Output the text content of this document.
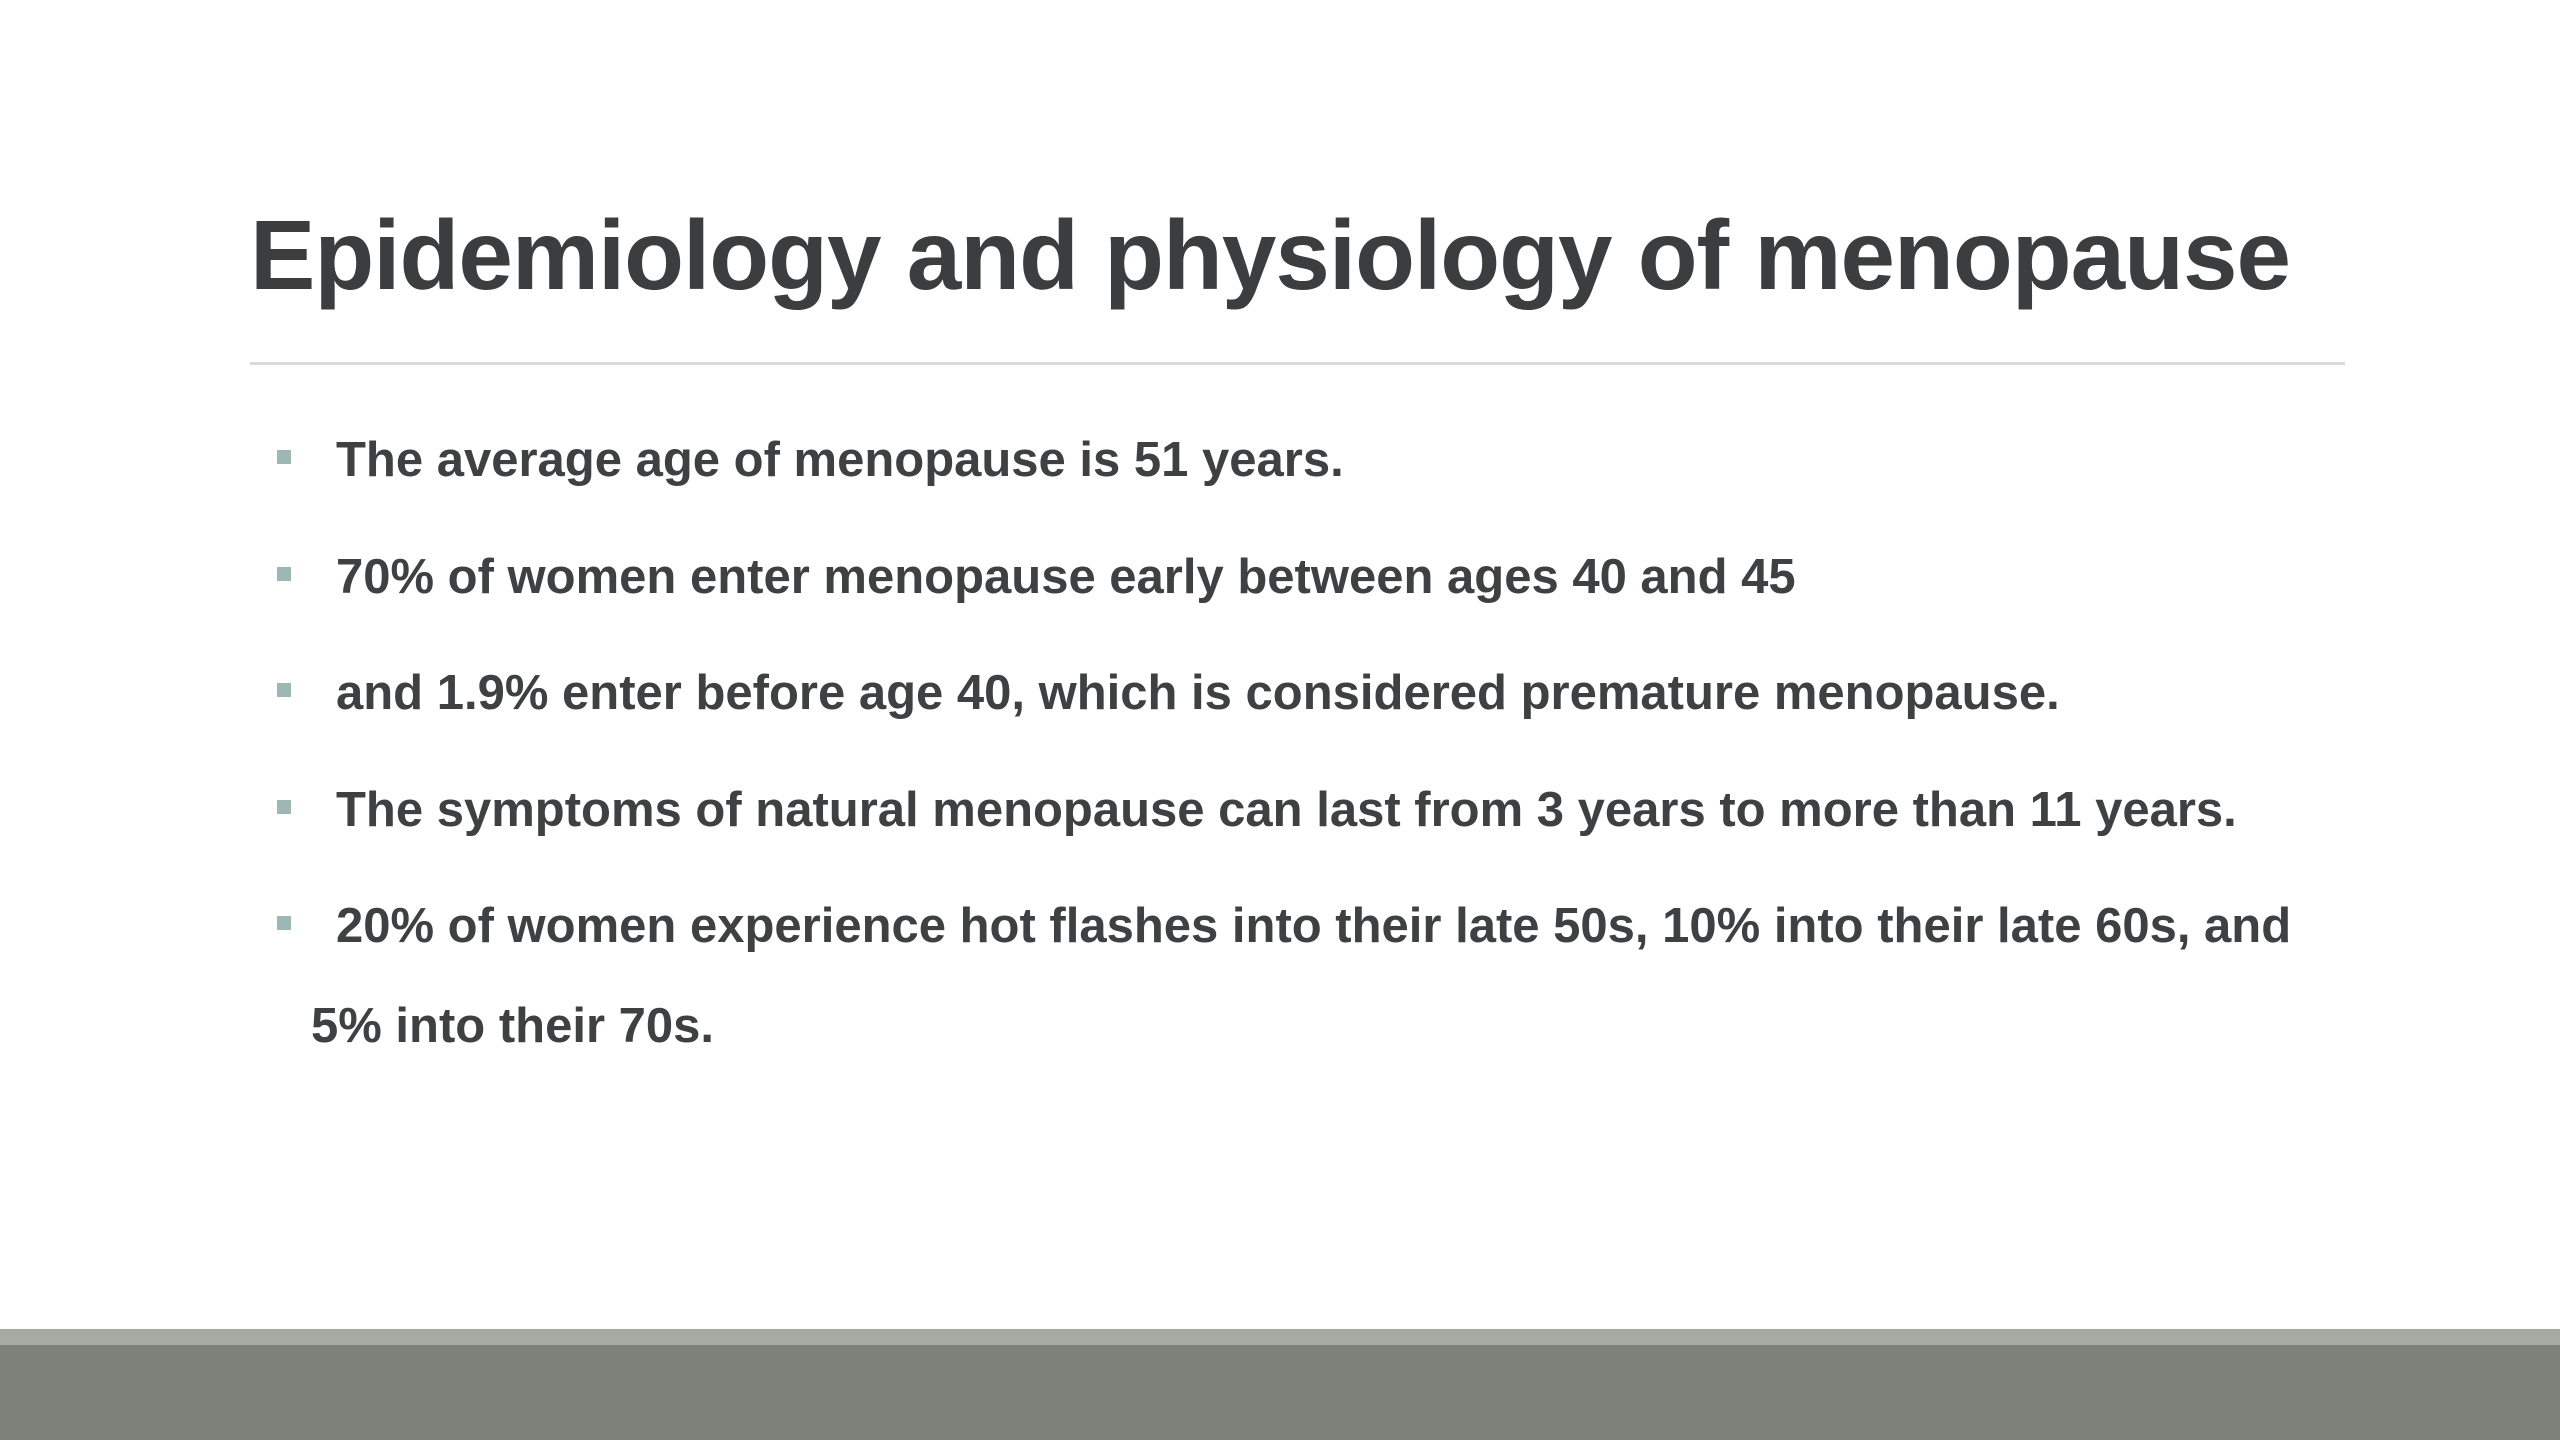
Epidemiology and physiology of menopause
The average age of menopause is 51 years.
70% of women enter menopause early between ages 40 and 45
and 1.9% enter before age 40, which is considered premature menopause.
The symptoms of natural menopause can last from 3 years to more than 11 years.
20% of women experience hot flashes into their late 50s, 10% into their late 60s, and
5% into their 70s.
